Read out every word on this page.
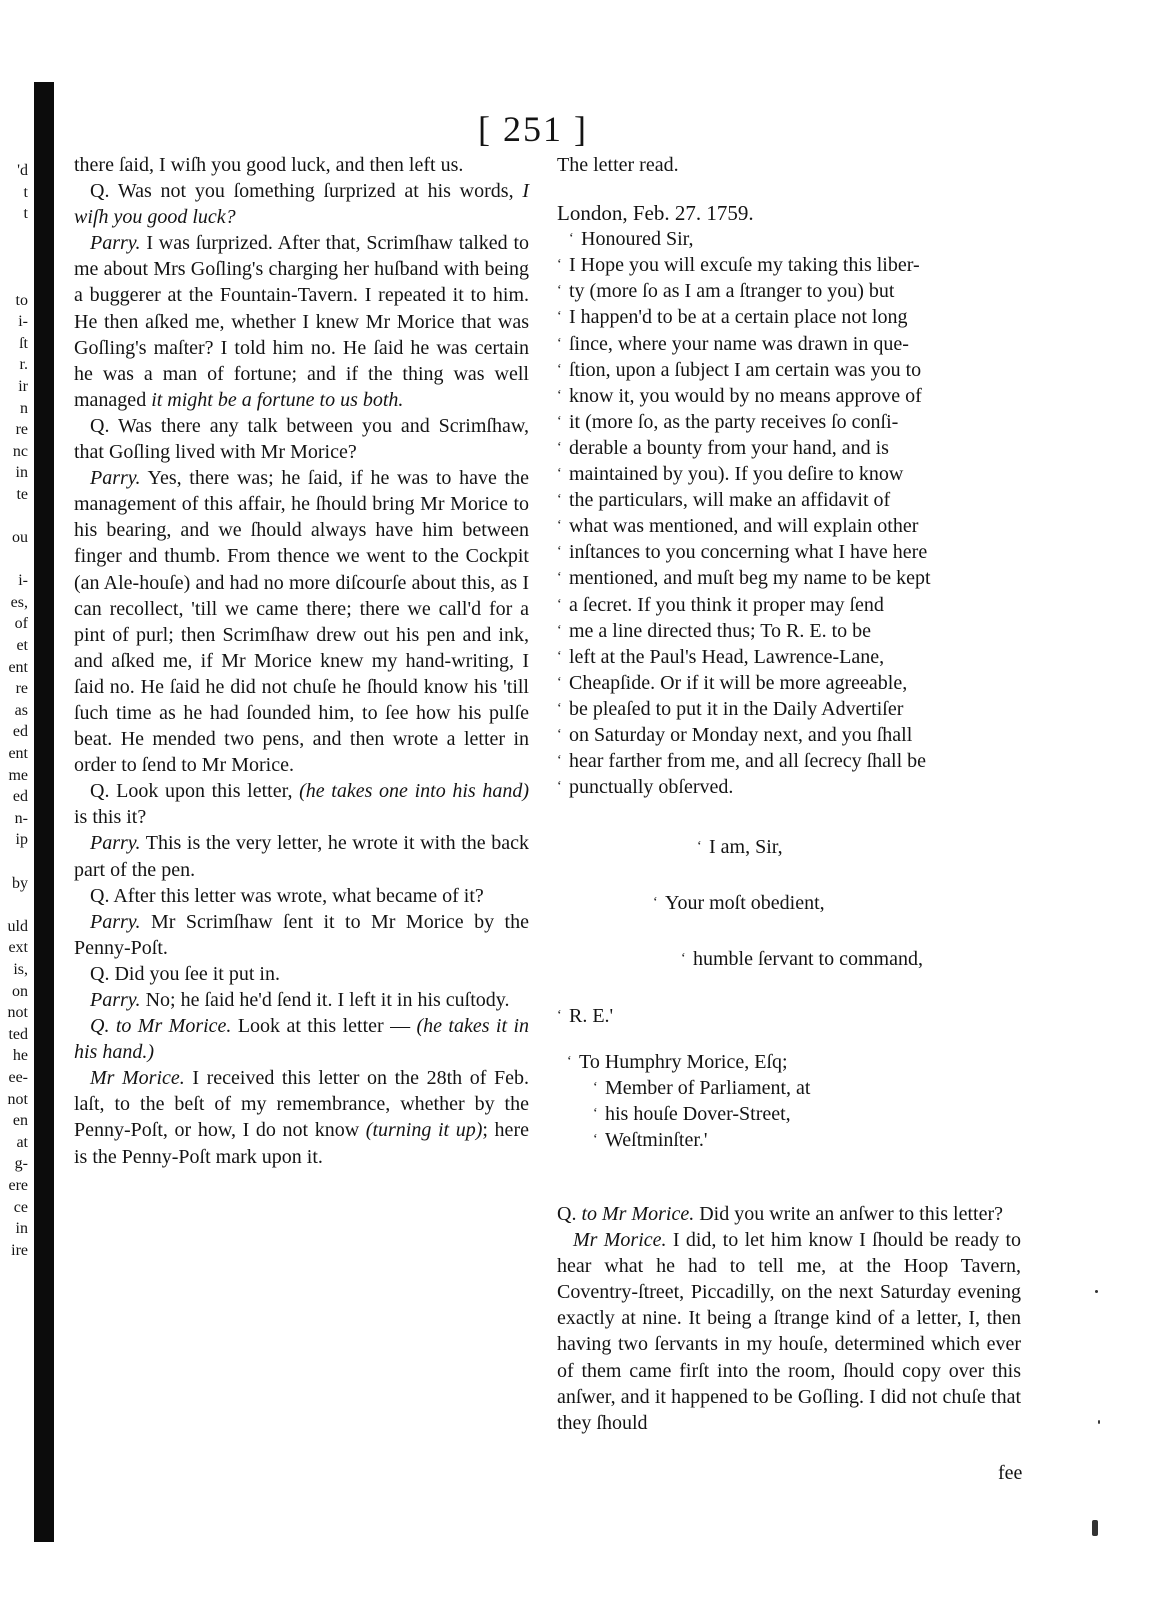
'd
t
t
to
i-
ſt
r.
ir
n
re
nc
in
te
ou
i-
es,
of
et
ent
re
as
ed
ent
me
ed
n-
ip
by
uld
ext
is,
on
not
ted
he
ee-
not
en
at
g-
ere
ce
in
ire
[ 251 ]

there ſaid, I wiſh you good luck, and then left us.

Q. Was not you ſomething ſurprized at his words, I wiſh you good luck?

Parry. I was ſurprized. After that, Scrimſhaw talked to me about Mrs Goſling's charging her huſband with being a buggerer at the Fountain-Tavern. I repeated it to him. He then aſked me, whether I knew Mr Morice that was Goſling's maſter? I told him no. He ſaid he was certain he was a man of fortune; and if the thing was well managed it might be a fortune to us both.

Q. Was there any talk between you and Scrimſhaw, that Goſling lived with Mr Morice?

Parry. Yes, there was; he ſaid, if he was to have the management of this affair, he ſhould bring Mr Morice to his bearing, and we ſhould always have him between finger and thumb. From thence we went to the Cockpit (an Ale-houſe) and had no more diſcourſe about this, as I can recollect, 'till we came there; there we call'd for a pint of purl; then Scrimſhaw drew out his pen and ink, and aſked me, if Mr Morice knew my hand-writing, I ſaid no. He ſaid he did not chuſe he ſhould know his 'till ſuch time as he had ſounded him, to ſee how his pulſe beat. He mended two pens, and then wrote a letter in order to ſend to Mr Morice.

Q. Look upon this letter, (he takes one into his hand) is this it?

Parry. This is the very letter, he wrote it with the back part of the pen.

Q. After this letter was wrote, what became of it?

Parry. Mr Scrimſhaw ſent it to Mr Morice by the Penny-Poſt.

Q. Did you ſee it put in.

Parry. No; he ſaid he'd ſend it. I left it in his cuſtody.

Q. to Mr Morice. Look at this letter — (he takes it in his hand.)

Mr Morice. I received this letter on the 28th of Feb. laſt, to the beſt of my remembrance, whether by the Penny-Poſt, or how, I do not know (turning it up); here is the Penny-Poſt mark upon it.

The letter read.

London, Feb. 27. 1759.

‘ Honoured Sir,

‘ I Hope you will excuſe my taking this liber-

‘ ty (more ſo as I am a ſtranger to you) but

‘ I happen'd to be at a certain place not long

‘ ſince, where your name was drawn in que-

‘ ſtion, upon a ſubject I am certain was you to

‘ know it, you would by no means approve of

‘ it (more ſo, as the party receives ſo conſi-

‘ derable a bounty from your hand, and is

‘ maintained by you). If you deſire to know

‘ the particulars, will make an affidavit of

‘ what was mentioned, and will explain other

‘ inſtances to you concerning what I have here

‘ mentioned, and muſt beg my name to be kept

‘ a ſecret. If you think it proper may ſend

‘ me a line directed thus; To R. E. to be

‘ left at the Paul's Head, Lawrence-Lane,

‘ Cheapſide. Or if it will be more agreeable,

‘ be pleaſed to put it in the Daily Advertiſer

‘ on Saturday or Monday next, and you ſhall

‘ hear farther from me, and all ſecrecy ſhall be

‘ punctually obſerved.

‘ I am, Sir,

‘ Your moſt obedient,

‘ humble ſervant to command,

‘ R. E.'

‘ To Humphry Morice, Eſq;

‘ Member of Parliament, at

‘ his houſe Dover-Street,

‘ Weſtminſter.'

Q. to Mr Morice. Did you write an anſwer to this letter?

Mr Morice. I did, to let him know I ſhould be ready to hear what he had to tell me, at the Hoop Tavern, Coventry-ſtreet, Piccadilly, on the next Saturday evening exactly at nine. It being a ſtrange kind of a letter, I, then having two ſervants in my houſe, determined which ever of them came firſt into the room, ſhould copy over this anſwer, and it happened to be Goſling. I did not chuſe that they ſhould

fee
